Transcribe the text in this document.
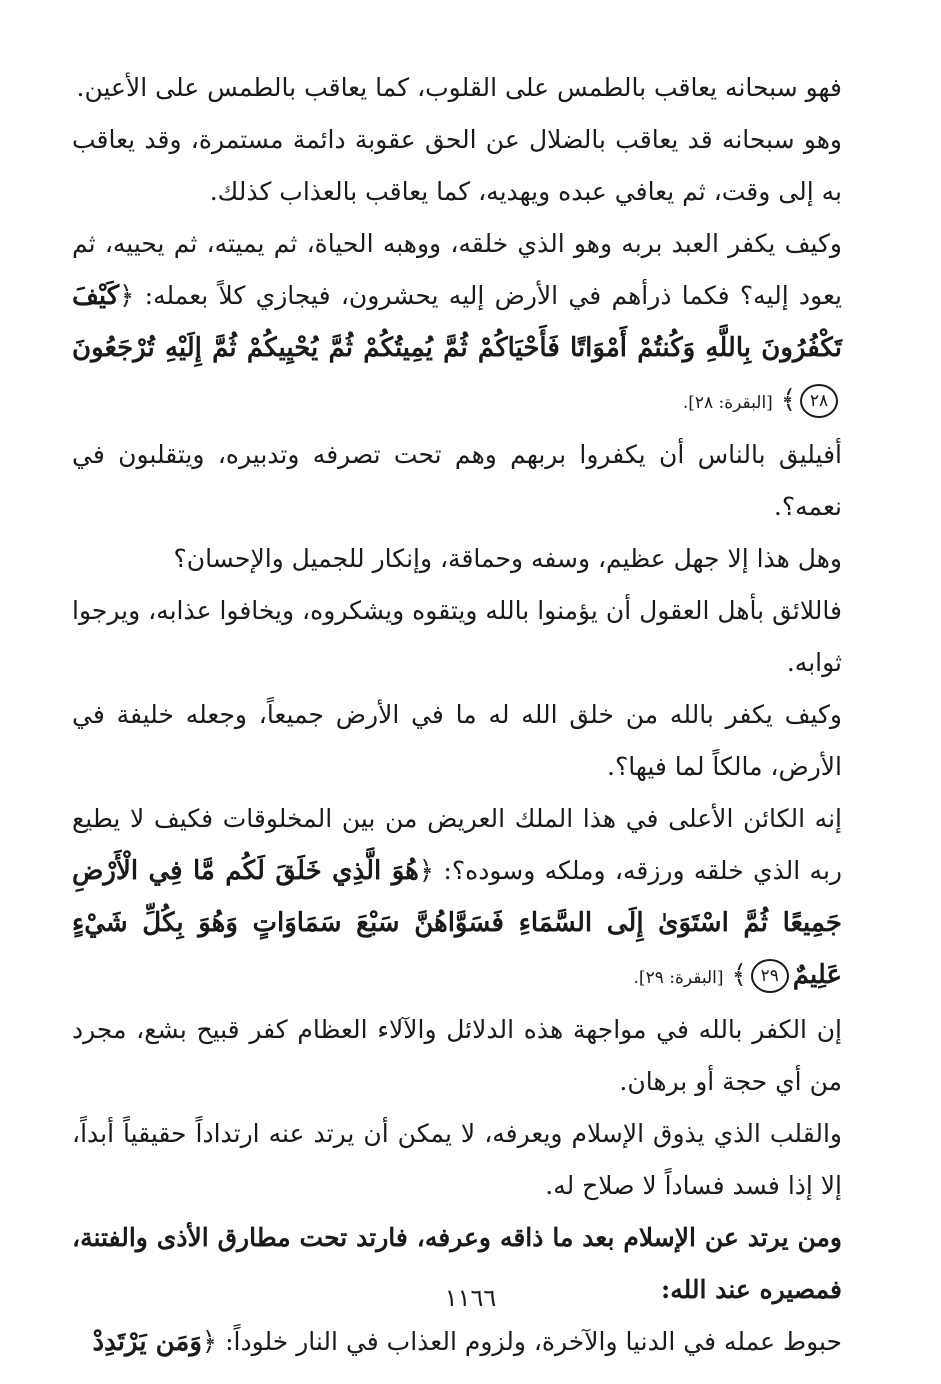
فهو سبحانه يعاقب بالطمس على القلوب، كما يعاقب بالطمس على الأعين.

وهو سبحانه قد يعاقب بالضلال عن الحق عقوبة دائمة مستمرة، وقد يعاقب به إلى وقت، ثم يعافي عبده ويهديه، كما يعاقب بالعذاب كذلك.

وكيف يكفر العبد بربه وهو الذي خلقه، ووهبه الحياة، ثم يميته، ثم يحييه، ثم يعود إليه؟ فكما ذرأهم في الأرض إليه يحشرون، فيجازي كلاً بعمله: ﴿كَيْفَ تَكْفُرُونَ بِاللَّهِ وَكُنتُمْ أَمْوَاتًا فَأَحْيَاكُمْ ثُمَّ يُمِيتُكُمْ ثُمَّ يُحْيِيكُمْ ثُمَّ إِلَيْهِ تُرْجَعُونَ٢٨﴾ [البقرة: ٢٨].

أفيليق بالناس أن يكفروا بربهم وهم تحت تصرفه وتدبيره، ويتقلبون في نعمه؟.

وهل هذا إلا جهل عظيم، وسفه وحماقة، وإنكار للجميل والإحسان؟

فاللائق بأهل العقول أن يؤمنوا بالله ويتقوه ويشكروه، ويخافوا عذابه، ويرجوا ثوابه.

وكيف يكفر بالله من خلق الله له ما في الأرض جميعاً، وجعله خليفة في الأرض، مالكاً لما فيها؟.

إنه الكائن الأعلى في هذا الملك العريض من بين المخلوقات فكيف لا يطيع ربه الذي خلقه ورزقه، وملكه وسوده؟: ﴿هُوَ الَّذِي خَلَقَ لَكُم مَّا فِي الْأَرْضِ جَمِيعًا ثُمَّ اسْتَوَىٰ إِلَى السَّمَاءِ فَسَوَّاهُنَّ سَبْعَ سَمَاوَاتٍ وَهُوَ بِكُلِّ شَيْءٍ عَلِيمٌ٢٩﴾ [البقرة: ٢٩].

إن الكفر بالله في مواجهة هذه الدلائل والآلاء العظام كفر قبيح بشع، مجرد من أي حجة أو برهان.

والقلب الذي يذوق الإسلام ويعرفه، لا يمكن أن يرتد عنه ارتداداً حقيقياً أبداً، إلا إذا فسد فساداً لا صلاح له.

ومن يرتد عن الإسلام بعد ما ذاقه وعرفه، فارتد تحت مطارق الأذى والفتنة، فمصيره عند الله:

حبوط عمله في الدنيا والآخرة، ولزوم العذاب في النار خلوداً: ﴿وَمَن يَرْتَدِدْ

١١٦٦
